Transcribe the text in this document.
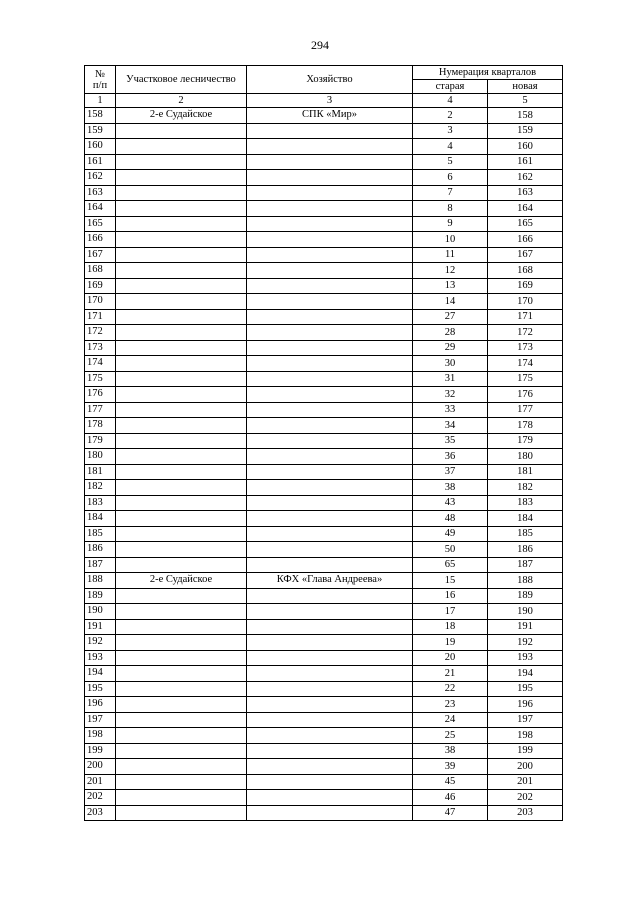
294
№
п/п	Участковое лесничество	Хозяйство	Нумерация кварталов	
			старая	новая
1	2	3	4	5
158	2-е Судайское	СПК «Мир»	2	158
159			3	159
160			4	160
161			5	161
162			6	162
163			7	163
164			8	164
165			9	165
166			10	166
167			11	167
168			12	168
169			13	169
170			14	170
171			27	171
172			28	172
173			29	173
174			30	174
175			31	175
176			32	176
177			33	177
178			34	178
179			35	179
180			36	180
181			37	181
182			38	182
183			43	183
184			48	184
185			49	185
186			50	186
187			65	187
188	2-е Судайское	КФХ «Глава Андреева»	15	188
189			16	189
190			17	190
191			18	191
192			19	192
193			20	193
194			21	194
195			22	195
196			23	196
197			24	197
198			25	198
199			38	199
200			39	200
201			45	201
202			46	202
203			47	203
